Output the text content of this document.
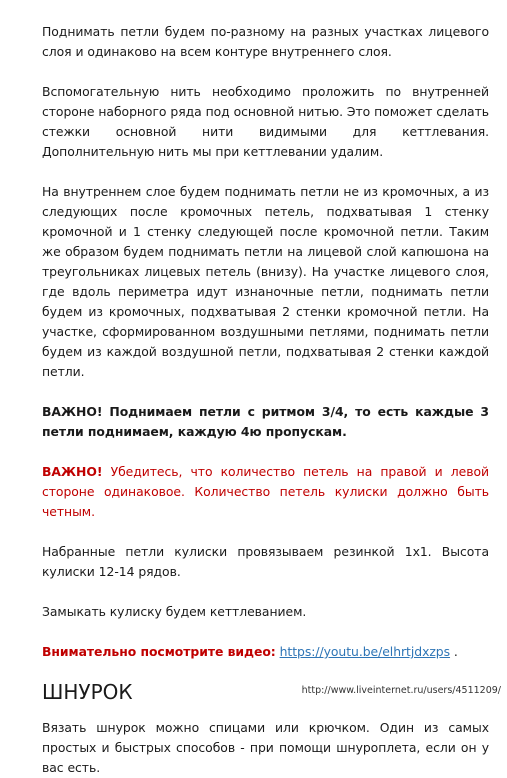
Поднимать петли будем по-разному на разных участках лицевого слоя и одинаково на всем контуре внутреннего слоя.

Вспомогательную нить необходимо проложить по внутренней стороне наборного ряда под основной нитью. Это поможет сделать стежки основной нити видимыми для кеттлевания. Дополнительную нить мы при кеттлевании удалим.

На внутреннем слое будем поднимать петли не из кромочных, а из следующих после кромочных петель, подхватывая 1 стенку кромочной и 1 стенку следующей после кромочной петли. Таким же образом будем поднимать петли на лицевой слой капюшона на треугольниках лицевых петель (внизу). На участке лицевого слоя, где вдоль периметра идут изнаночные петли, поднимать петли будем из кромочных, подхватывая 2 стенки кромочной петли. На участке, сформированном воздушными петлями, поднимать петли будем из каждой воздушной петли, подхватывая 2 стенки каждой петли.

ВАЖНО! Поднимаем петли с ритмом 3/4, то есть каждые 3 петли поднимаем, каждую 4ю пропускам.

ВАЖНО! Убедитесь, что количество петель на правой и левой стороне одинаковое. Количество петель кулиски должно быть четным.

Набранные петли кулиски провязываем резинкой 1х1. Высота кулиски 12-14 рядов.

Замыкать кулиску будем кеттлеванием.

Внимательно посмотрите видео: https://youtu.be/elhrtjdxzps .

ШНУРОК

Вязать шнурок можно спицами или крючком. Один из самых простых и быстрых способов - при помощи шнуроплета, если он у вас есть.

http://www.liveinternet.ru/users/4511209/
